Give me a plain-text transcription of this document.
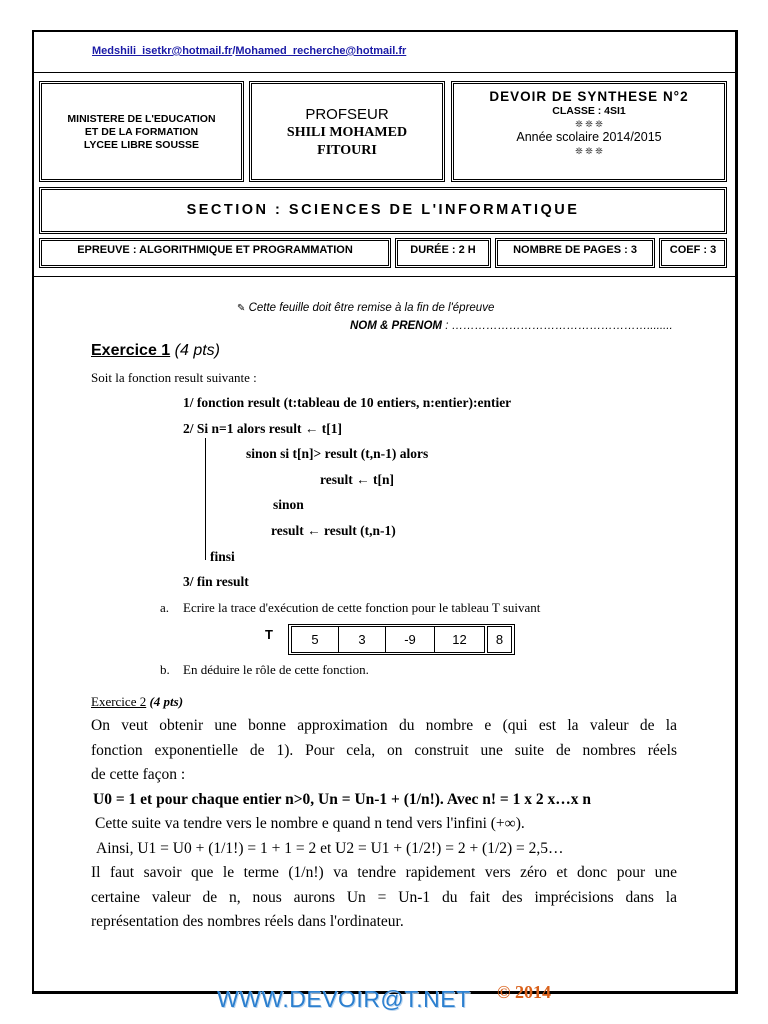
Medshili_isetkr@hotmail.fr/Mohamed_recherche@hotmail.fr
MINISTERE DE L'EDUCATION
ET DE LA FORMATION
LYCEE LIBRE SOUSSE
PROFSEUR
SHILI MOHAMED
FITOURI
DEVOIR DE SYNTHESE N°2
CLASSE : 4SI1
❊ ❊ ❊
Année scolaire 2014/2015
❊ ❊ ❊
SECTION : SCIENCES DE L'INFORMATIQUE
EPREUVE : ALGORITHMIQUE ET PROGRAMMATION	DURÉE : 2 H	NOMBRE DE PAGES : 3	COEF : 3
✎ Cette feuille doit être remise à la fin de l'épreuve
NOM & PRENOM : ……………………………………………........
Exercice 1 (4 pts)
Soit la fonction result suivante :
1/ fonction result (t:tableau de 10 entiers, n:entier):entier
2/ Si n=1 alors result ← t[1]
sinon si t[n]> result (t,n-1) alors
result ← t[n]
sinon
result ← result (t,n-1)
finsi
3/ fin result
a. Ecrire la trace d'exécution de cette fonction pour le tableau T suivant
T	5	3	-9	12	8
b. En déduire le rôle de cette fonction.
Exercice 2 (4 pts)
On veut obtenir une bonne approximation du nombre e (qui est la valeur de la
fonction exponentielle de 1). Pour cela, on construit une suite de nombres réels
de cette façon :
U0 = 1 et pour chaque entier n>0, Un = Un-1 + (1/n!). Avec n! = 1 x 2 x…x n
Cette suite va tendre vers le nombre e quand n tend vers l'infini (+∞).
Ainsi, U1 = U0 + (1/1!) = 1 + 1 = 2 et U2 = U1 + (1/2!) = 2 + (1/2) = 2,5…
Il faut savoir que le terme (1/n!) va tendre rapidement vers zéro et donc pour une
certaine valeur de n, nous aurons Un = Un-1 du fait des imprécisions dans la
représentation des nombres réels dans l'ordinateur.
WWW.DEVOIR@T.NET © 2014
